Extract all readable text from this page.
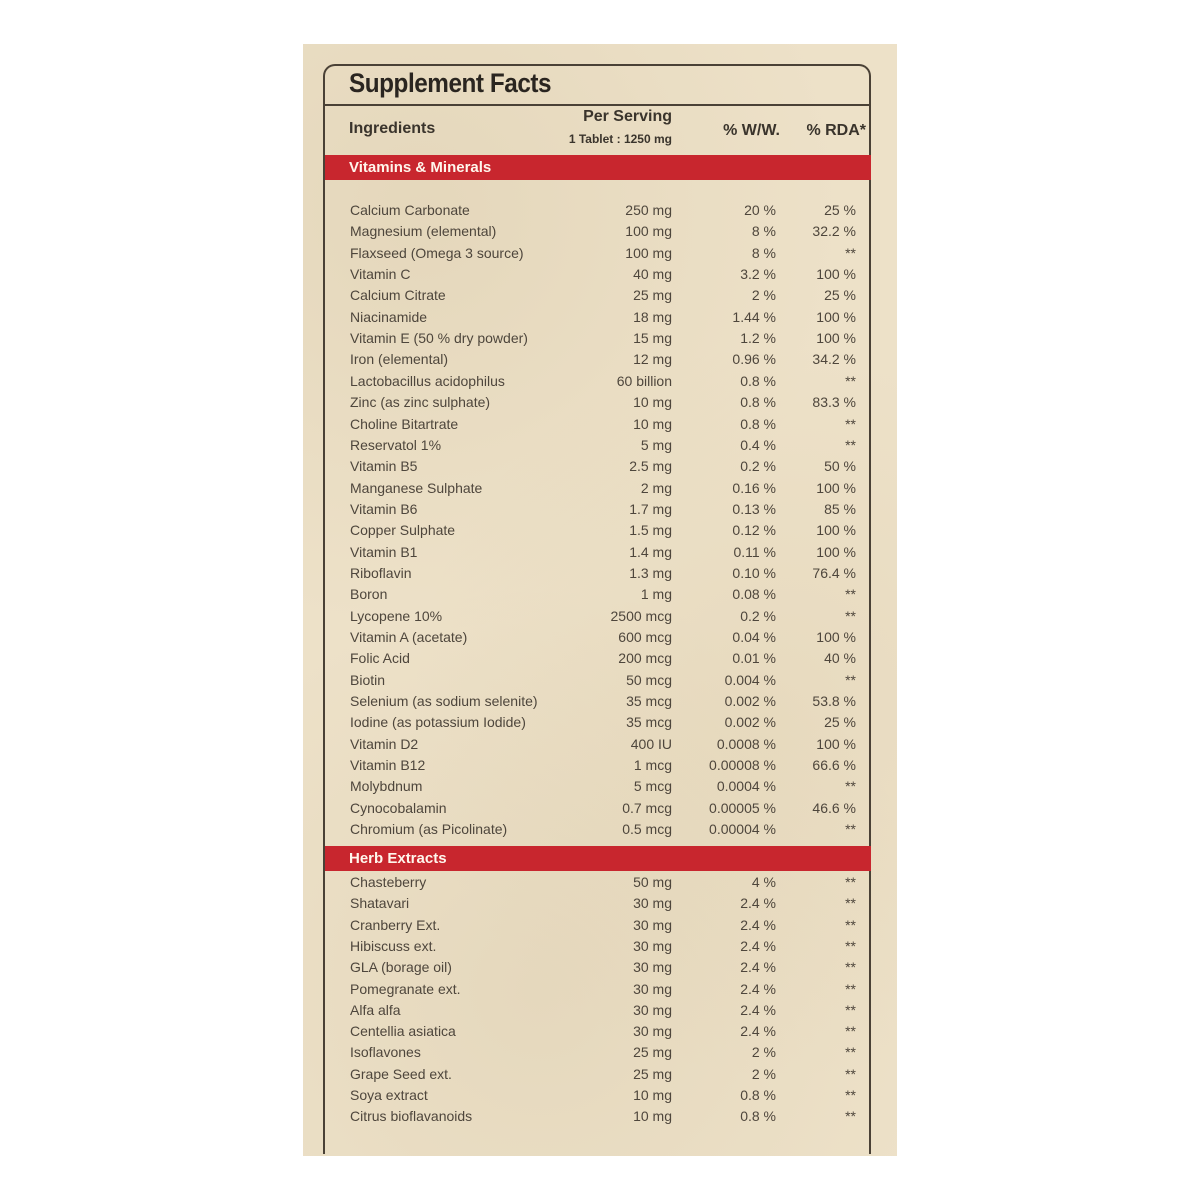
Supplement Facts
Ingredients
Per Serving
1 Tablet : 1250 mg	% W/W.	% RDA*
Vitamins & Minerals
Calcium Carbonate	250 mg	20 %	25 %
Magnesium (elemental)	100 mg	8 %	32.2 %
Flaxseed (Omega 3 source)	100 mg	8 %	**
Vitamin C	40 mg	3.2 %	100 %
Calcium Citrate	25 mg	2 %	25 %
Niacinamide	18 mg	1.44 %	100 %
Vitamin E (50 % dry powder)	15 mg	1.2 %	100 %
Iron (elemental)	12 mg	0.96 %	34.2 %
Lactobacillus acidophilus	60 billion	0.8 %	**
Zinc (as zinc sulphate)	10 mg	0.8 %	83.3 %
Choline Bitartrate	10 mg	0.8 %	**
Reservatol 1%	5 mg	0.4 %	**
Vitamin B5	2.5 mg	0.2 %	50 %
Manganese Sulphate	2 mg	0.16 %	100 %
Vitamin B6	1.7 mg	0.13 %	85 %
Copper Sulphate	1.5 mg	0.12 %	100 %
Vitamin B1	1.4 mg	0.11 %	100 %
Riboflavin	1.3 mg	0.10 %	76.4 %
Boron	1 mg	0.08 %	**
Lycopene 10%	2500 mcg	0.2 %	**
Vitamin A (acetate)	600 mcg	0.04 %	100 %
Folic Acid	200 mcg	0.01 %	40 %
Biotin	50 mcg	0.004 %	**
Selenium (as sodium selenite)	35 mcg	0.002 %	53.8 %
Iodine (as potassium Iodide)	35 mcg	0.002 %	25 %
Vitamin D2	400 IU	0.0008 %	100 %
Vitamin B12	1 mcg	0.00008 %	66.6 %
Molybdnum	5 mcg	0.0004 %	**
Cynocobalamin	0.7 mcg	0.00005 %	46.6 %
Chromium (as Picolinate)	0.5 mcg	0.00004 %	**
Herb Extracts
Chasteberry	50 mg	4 %	**
Shatavari	30 mg	2.4 %	**
Cranberry Ext.	30 mg	2.4 %	**
Hibiscuss ext.	30 mg	2.4 %	**
GLA (borage oil)	30 mg	2.4 %	**
Pomegranate ext.	30 mg	2.4 %	**
Alfa alfa	30 mg	2.4 %	**
Centellia asiatica	30 mg	2.4 %	**
Isoflavones	25 mg	2 %	**
Grape Seed ext.	25 mg	2 %	**
Soya extract	10 mg	0.8 %	**
Citrus bioflavanoids	10 mg	0.8 %	**
